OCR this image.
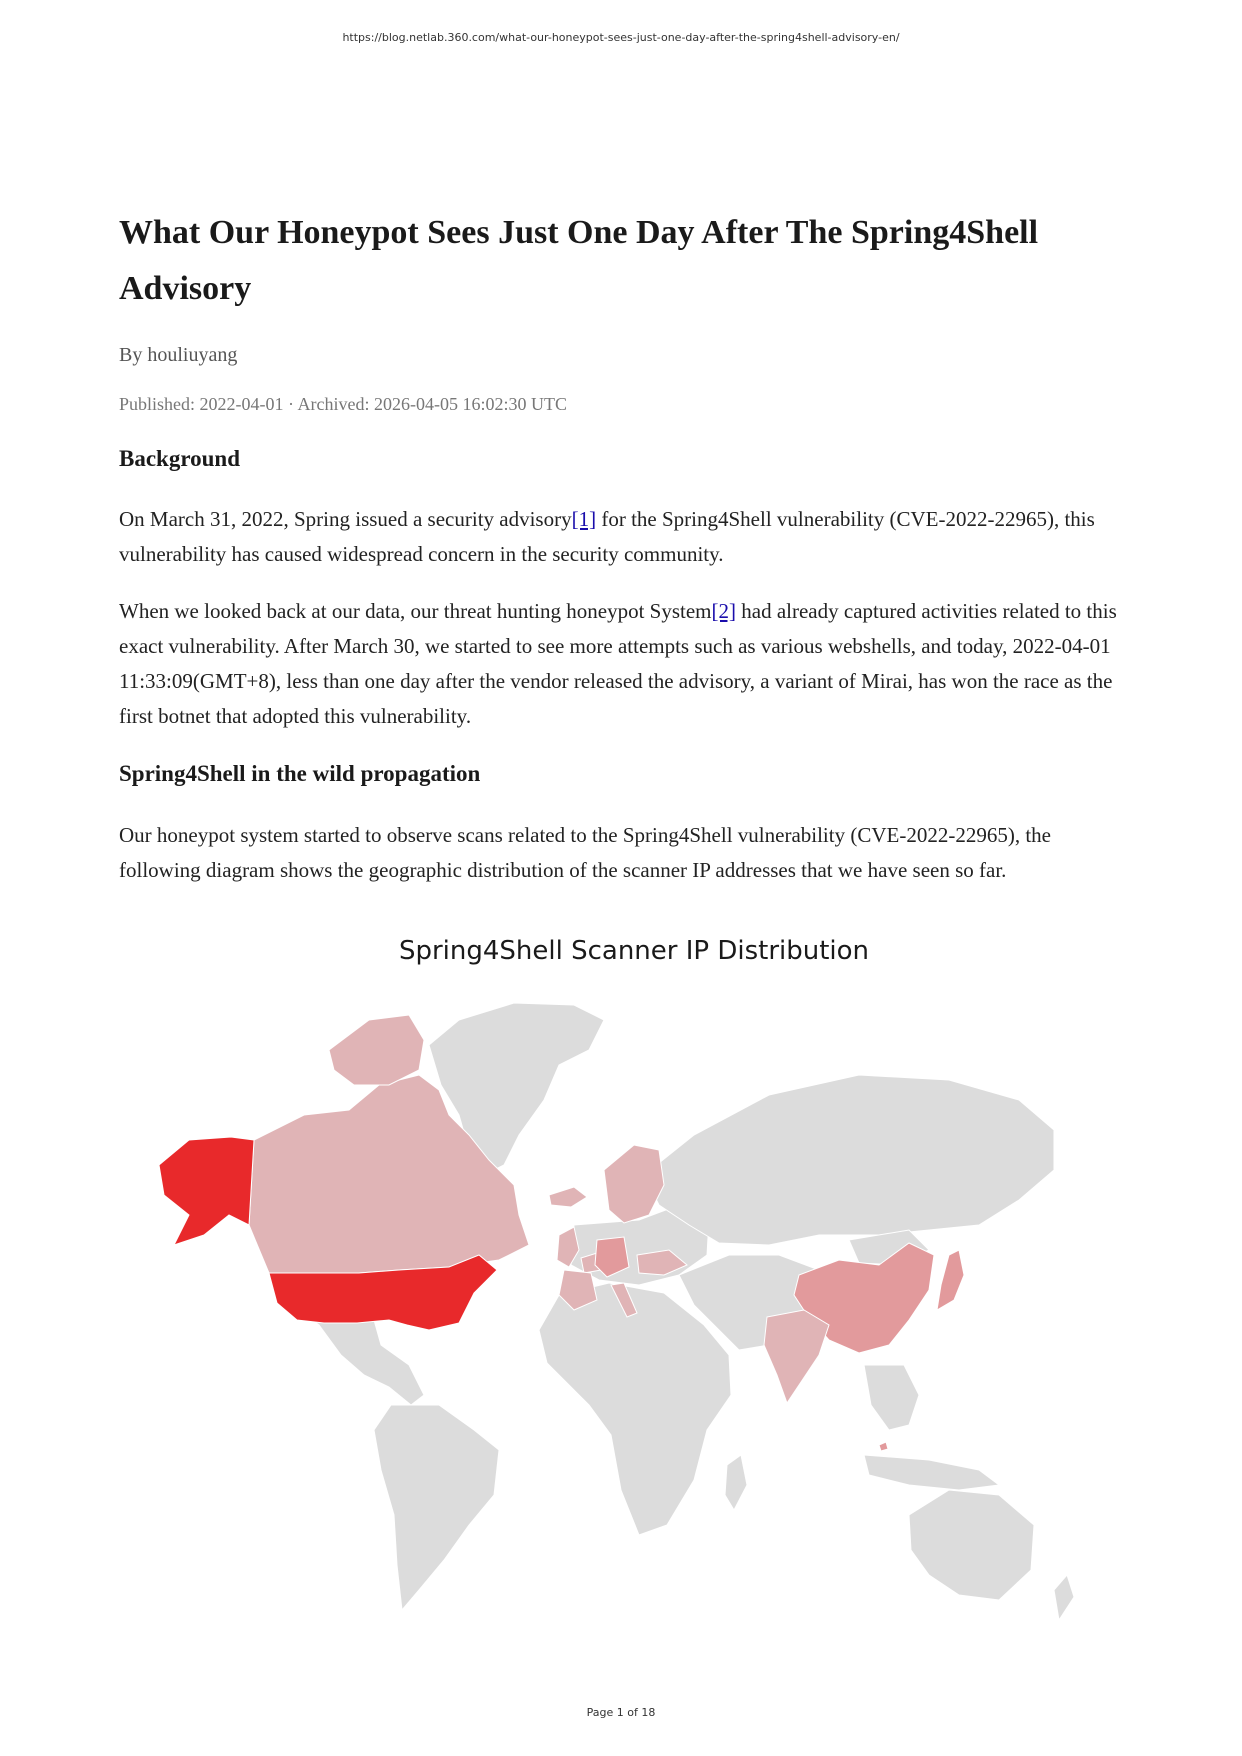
https://blog.netlab.360.com/what-our-honeypot-sees-just-one-day-after-the-spring4shell-advisory-en/
What Our Honeypot Sees Just One Day After The Spring4Shell Advisory
By houliuyang
Published: 2022-04-01 · Archived: 2026-04-05 16:02:30 UTC
Background

On March 31, 2022, Spring issued a security advisory[1] for the Spring4Shell vulnerability (CVE-2022-22965), this vulnerability has caused widespread concern in the security community.

When we looked back at our data, our threat hunting honeypot System[2] had already captured activities related to this exact vulnerability. After March 30, we started to see more attempts such as various webshells, and today, 2022-04-01 11:33:09(GMT+8), less than one day after the vendor released the advisory, a variant of Mirai, has won the race as the first botnet that adopted this vulnerability.

Spring4Shell in the wild propagation

Our honeypot system started to observe scans related to the Spring4Shell vulnerability (CVE-2022-22965), the following diagram shows the geographic distribution of the scanner IP addresses that we have seen so far.

Spring4Shell Scanner IP Distribution
Page 1 of 18
